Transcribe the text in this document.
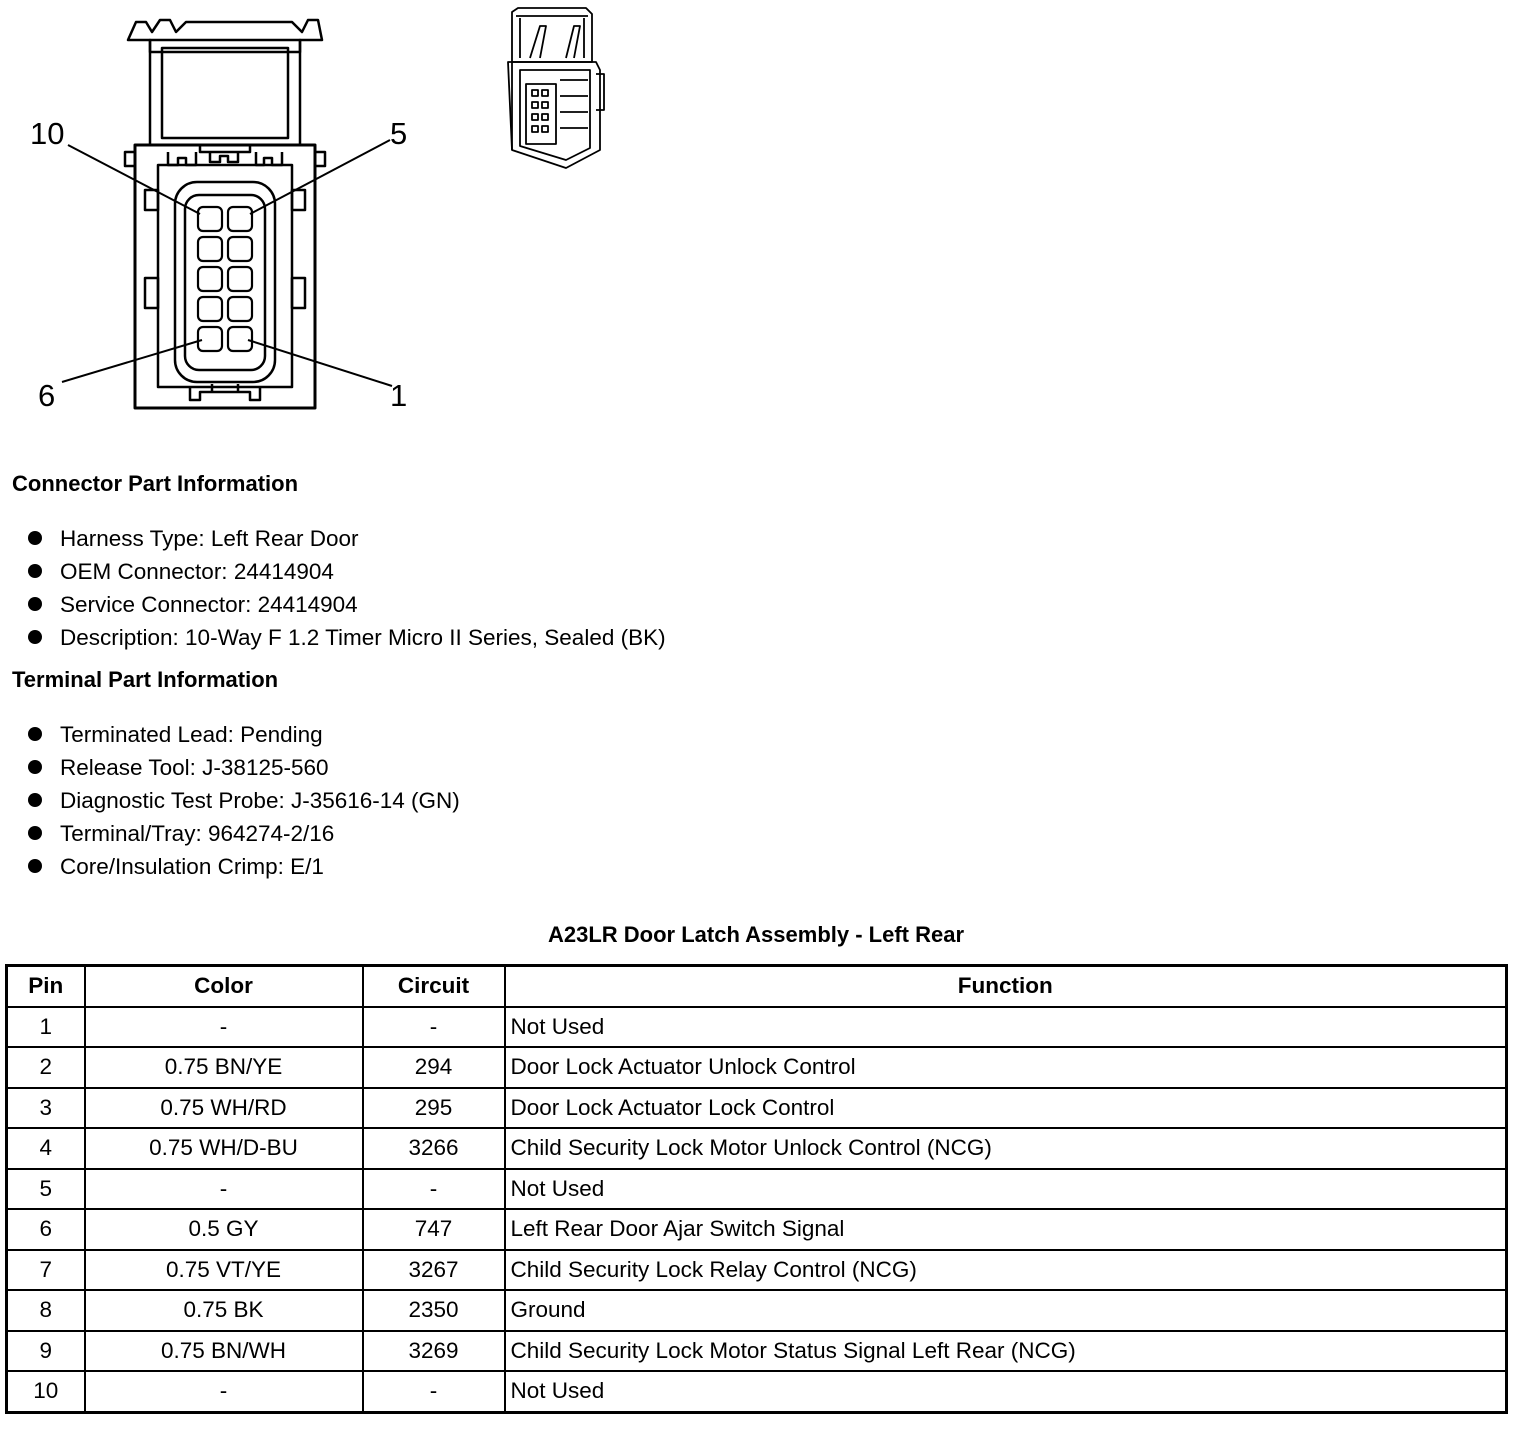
10	5
6	1
Connector Part Information
Harness Type: Left Rear Door
OEM Connector: 24414904
Service Connector: 24414904
Description: 10-Way F 1.2 Timer Micro II Series, Sealed (BK)
Terminal Part Information
Terminated Lead: Pending
Release Tool: J-38125-560
Diagnostic Test Probe: J-35616-14 (GN)
Terminal/Tray: 964274-2/16
Core/Insulation Crimp: E/1
A23LR Door Latch Assembly - Left Rear
Pin	Color	Circuit	Function
1	-	-	Not Used
2	0.75 BN/YE	294	Door Lock Actuator Unlock Control
3	0.75 WH/RD	295	Door Lock Actuator Lock Control
4	0.75 WH/D-BU	3266	Child Security Lock Motor Unlock Control (NCG)
5	-	-	Not Used
6	0.5 GY	747	Left Rear Door Ajar Switch Signal
7	0.75 VT/YE	3267	Child Security Lock Relay Control (NCG)
8	0.75 BK	2350	Ground
9	0.75 BN/WH	3269	Child Security Lock Motor Status Signal Left Rear (NCG)
10	-	-	Not Used
